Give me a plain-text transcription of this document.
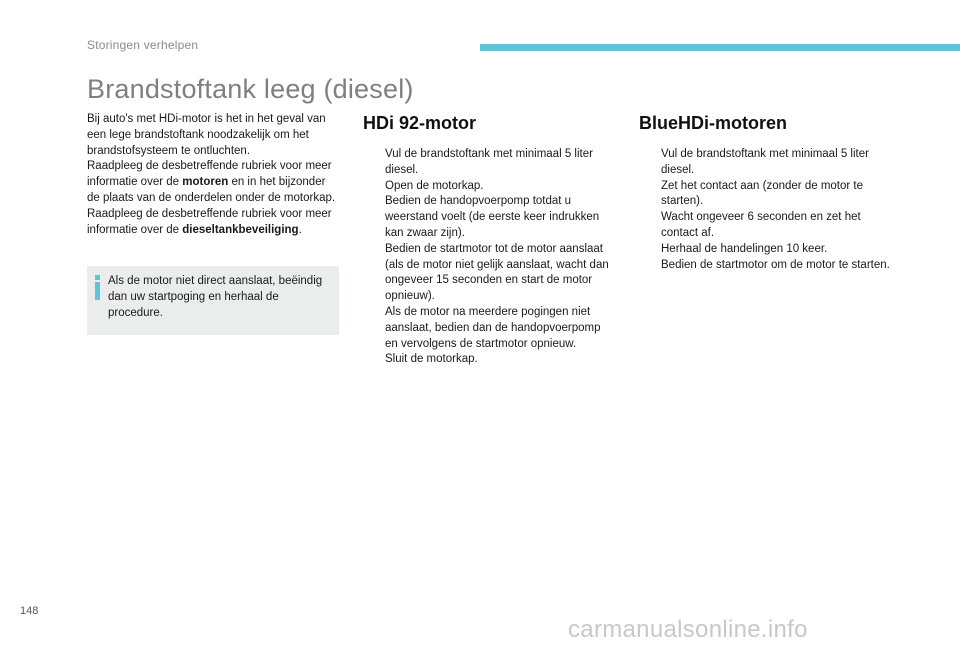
Storingen verhelpen
Brandstoftank leeg (diesel)

Bij auto's met HDi-motor is het in het geval van een lege brandstoftank noodzakelijk om het brandstofsysteem te ontluchten.

Raadpleeg de desbetreffende rubriek voor meer informatie over de motoren en in het bijzonder de plaats van de onderdelen onder de motorkap.

Raadpleeg de desbetreffende rubriek voor meer informatie over de dieseltankbeveiliging.

Als de motor niet direct aanslaat, beëindig dan uw startpoging en herhaal de procedure.
HDi 92-motor
Vul de brandstoftank met minimaal 5 liter diesel.
Open de motorkap.
Bedien de handopvoerpomp totdat u weerstand voelt (de eerste keer indrukken kan zwaar zijn).
Bedien de startmotor tot de motor aanslaat (als de motor niet gelijk aanslaat, wacht dan ongeveer 15 seconden en start de motor opnieuw).
Als de motor na meerdere pogingen niet aanslaat, bedien dan de handopvoerpomp en vervolgens de startmotor opnieuw.
Sluit de motorkap.
BlueHDi-motoren
Vul de brandstoftank met minimaal 5 liter diesel.
Zet het contact aan (zonder de motor te starten).
Wacht ongeveer 6 seconden en zet het contact af.
Herhaal de handelingen 10 keer.
Bedien de startmotor om de motor te starten.
148
carmanualsonline.info
